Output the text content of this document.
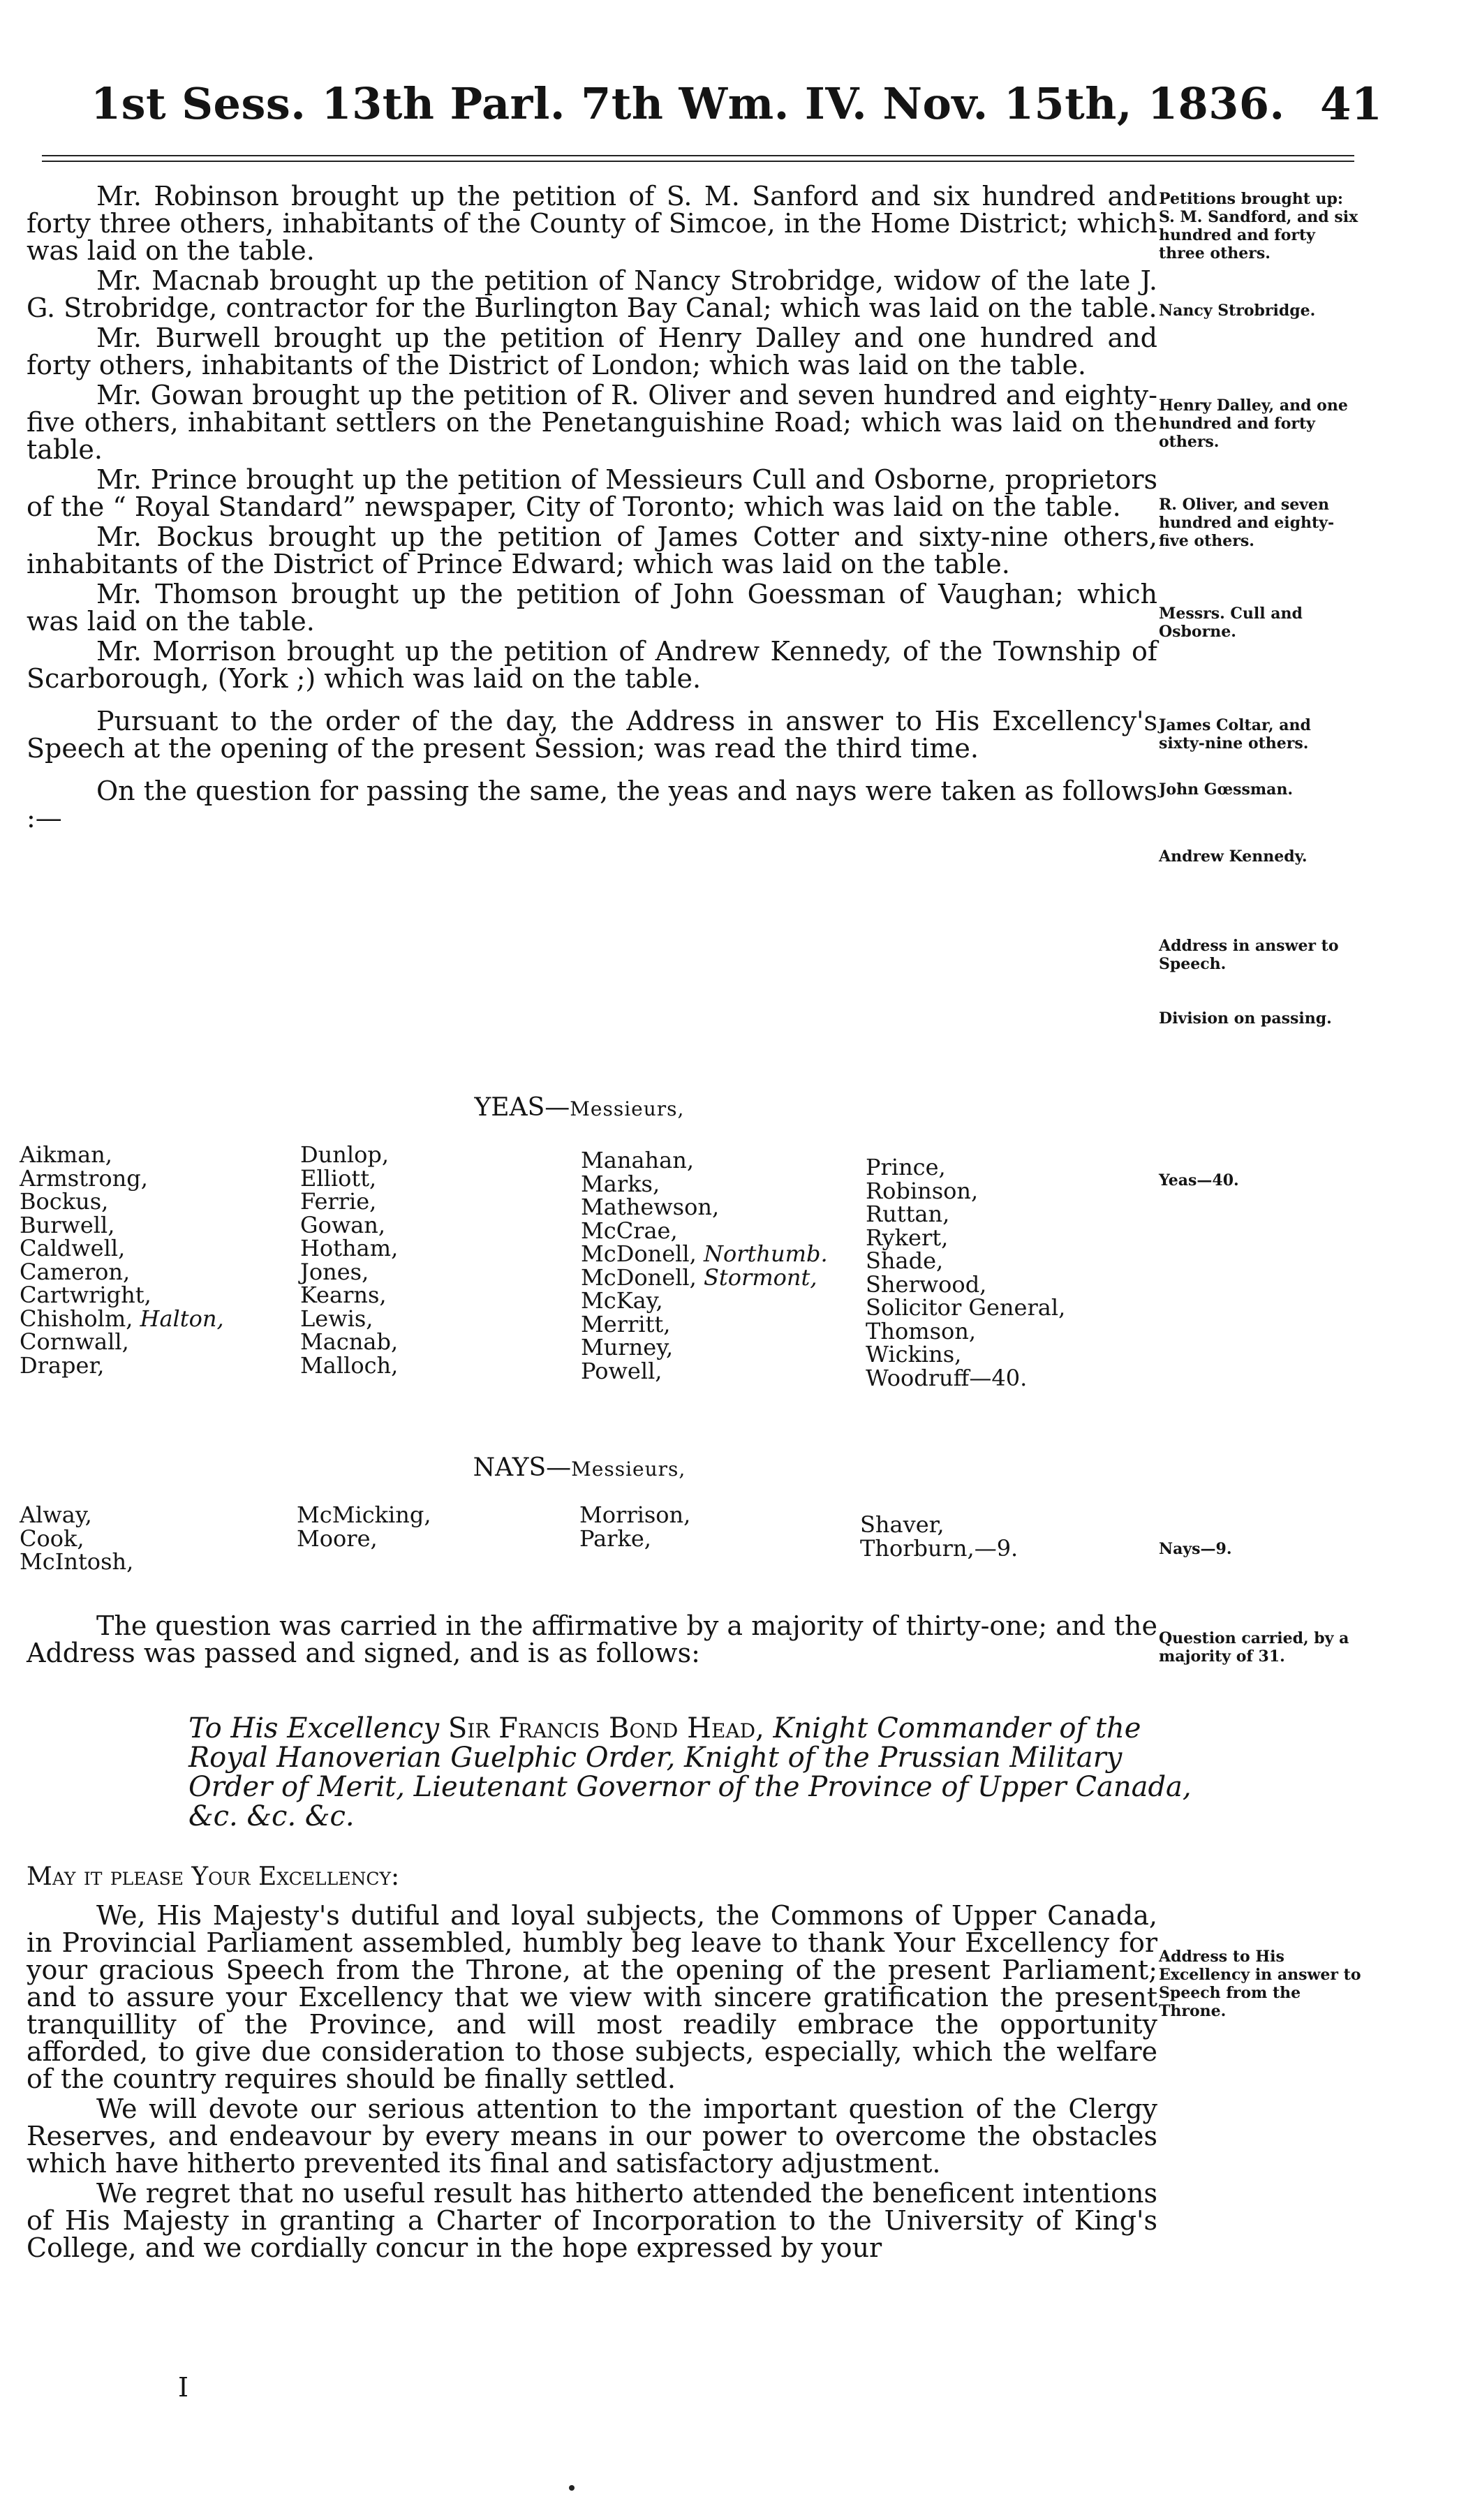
1st Sess. 13th Parl. 7th Wm. IV. Nov. 15th, 1836. 41

Mr. Robinson brought up the petition of S. M. Sanford and six hundred and forty three others, inhabitants of the County of Simcoe, in the Home District; which was laid on the table.

Mr. Macnab brought up the petition of Nancy Strobridge, widow of the late J. G. Strobridge, contractor for the Burlington Bay Canal; which was laid on the table.

Mr. Burwell brought up the petition of Henry Dalley and one hundred and forty others, inhabitants of the District of London; which was laid on the table.

Mr. Gowan brought up the petition of R. Oliver and seven hundred and eighty-five others, inhabitant settlers on the Penetanguishine Road; which was laid on the table.

Mr. Prince brought up the petition of Messieurs Cull and Osborne, proprietors of the “ Royal Standard” newspaper, City of Toronto; which was laid on the table.

Mr. Bockus brought up the petition of James Cotter and sixty-nine others, inhabitants of the District of Prince Edward; which was laid on the table.

Mr. Thomson brought up the petition of John Goessman of Vaughan; which was laid on the table.

Mr. Morrison brought up the petition of Andrew Kennedy, of the Township of Scarborough, (York ;) which was laid on the table.

Pursuant to the order of the day, the Address in answer to His Excellency's Speech at the opening of the present Session; was read the third time.

On the question for passing the same, the yeas and nays were taken as follows :—

Petitions brought up: S. M. Sandford, and six hundred and forty three others.
Nancy Strobridge.
Henry Dalley, and one hundred and forty others.
R. Oliver, and seven hundred and eighty-five others.
Messrs. Cull and Osborne.
James Coltar, and sixty-nine others.
John Gœssman.
Andrew Kennedy.
Address in answer to Speech.
Division on passing.
Yeas—40.
Nays—9.
Question carried, by a majority of 31.
Address to His Excellency in answer to Speech from the Throne.
YEAS—Messieurs,
Aikman,
Armstrong,
Bockus,
Burwell,
Caldwell,
Cameron,
Cartwright,
Chisholm, Halton,
Cornwall,
Draper,
Dunlop,
Elliott,
Ferrie,
Gowan,
Hotham,
Jones,
Kearns,
Lewis,
Macnab,
Malloch,
Manahan,
Marks,
Mathewson,
McCrae,
McDonell, Northumb.
McDonell, Stormont,
McKay,
Merritt,
Murney,
Powell,
Prince,
Robinson,
Ruttan,
Rykert,
Shade,
Sherwood,
Solicitor General,
Thomson,
Wickins,
Woodruff—40.
NAYS—Messieurs,
Alway,
Cook,
McIntosh,
McMicking,
Moore,
Morrison,
Parke,
Shaver,
Thorburn,—9.

The question was carried in the affirmative by a majority of thirty-one; and the Address was passed and signed, and is as follows:

To His Excellency Sir Francis Bond Head, Knight Commander of the Royal Hanoverian Guelphic Order, Knight of the Prussian Military Order of Merit, Lieutenant Governor of the Province of Upper Canada, &c. &c. &c.
May it please Your Excellency:

We, His Majesty's dutiful and loyal subjects, the Commons of Upper Canada, in Provincial Parliament assembled, humbly beg leave to thank Your Excellency for your gracious Speech from the Throne, at the opening of the present Parliament; and to assure your Excellency that we view with sincere gratification the present tranquillity of the Province, and will most readily embrace the opportunity afforded, to give due consideration to those subjects, especially, which the welfare of the country requires should be finally settled.

We will devote our serious attention to the important question of the Clergy Reserves, and endeavour by every means in our power to overcome the obstacles which have hitherto prevented its final and satisfactory adjustment.

We regret that no useful result has hitherto attended the beneficent intentions of His Majesty in granting a Charter of Incorporation to the University of King's College, and we cordially concur in the hope expressed by your

I
